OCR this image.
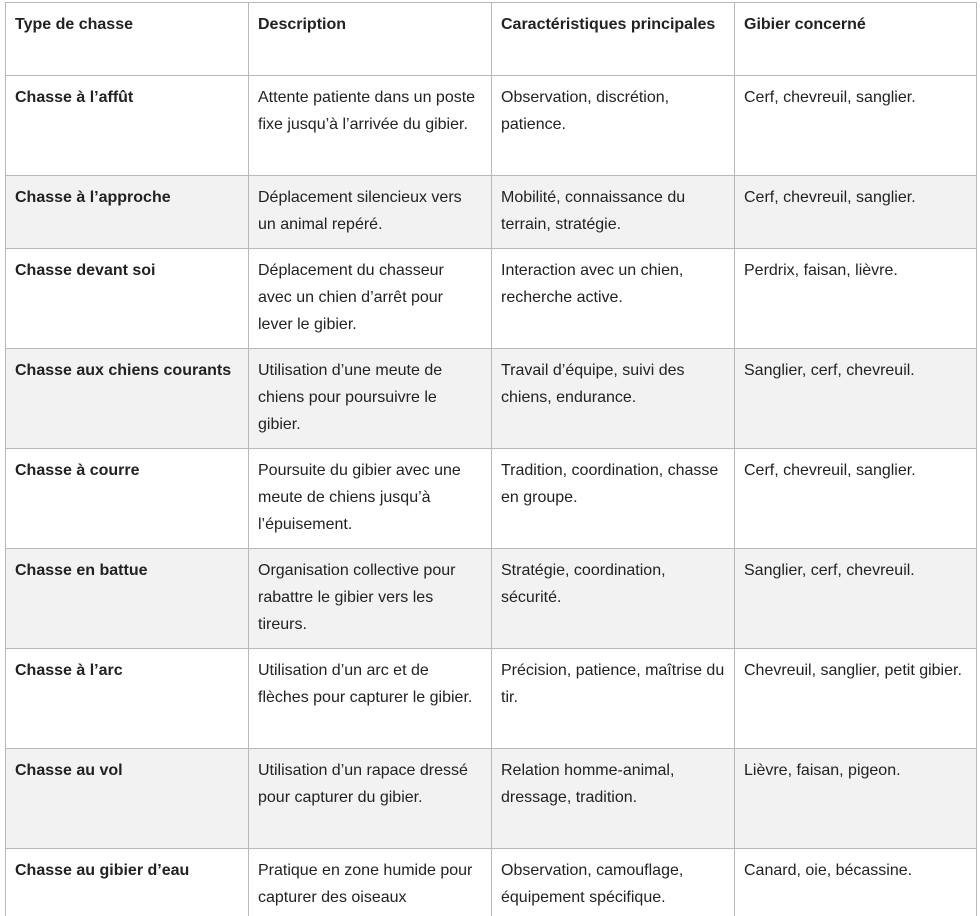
Type de chasse	Description	Caractéristiques principales	Gibier concerné
Chasse à l’affût	Attente patiente dans un poste fixe jusqu’à l’arrivée du gibier.	Observation, discrétion, patience.	Cerf, chevreuil, sanglier.
Chasse à l’approche	Déplacement silencieux vers un animal repéré.	Mobilité, connaissance du terrain, stratégie.	Cerf, chevreuil, sanglier.
Chasse devant soi	Déplacement du chasseur avec un chien d’arrêt pour lever le gibier.	Interaction avec un chien, recherche active.	Perdrix, faisan, lièvre.
Chasse aux chiens courants	Utilisation d’une meute de chiens pour poursuivre le gibier.	Travail d’équipe, suivi des chiens, endurance.	Sanglier, cerf, chevreuil.
Chasse à courre	Poursuite du gibier avec une meute de chiens jusqu’à l’épuisement.	Tradition, coordination, chasse en groupe.	Cerf, chevreuil, sanglier.
Chasse en battue	Organisation collective pour rabattre le gibier vers les tireurs.	Stratégie, coordination, sécurité.	Sanglier, cerf, chevreuil.
Chasse à l’arc	Utilisation d’un arc et de flèches pour capturer le gibier.	Précision, patience, maîtrise du tir.	Chevreuil, sanglier, petit gibier.
Chasse au vol	Utilisation d’un rapace dressé pour capturer du gibier.	Relation homme-animal, dressage, tradition.	Lièvre, faisan, pigeon.
Chasse au gibier d’eau	Pratique en zone humide pour capturer des oiseaux	Observation, camouflage, équipement spécifique.	Canard, oie, bécassine.
